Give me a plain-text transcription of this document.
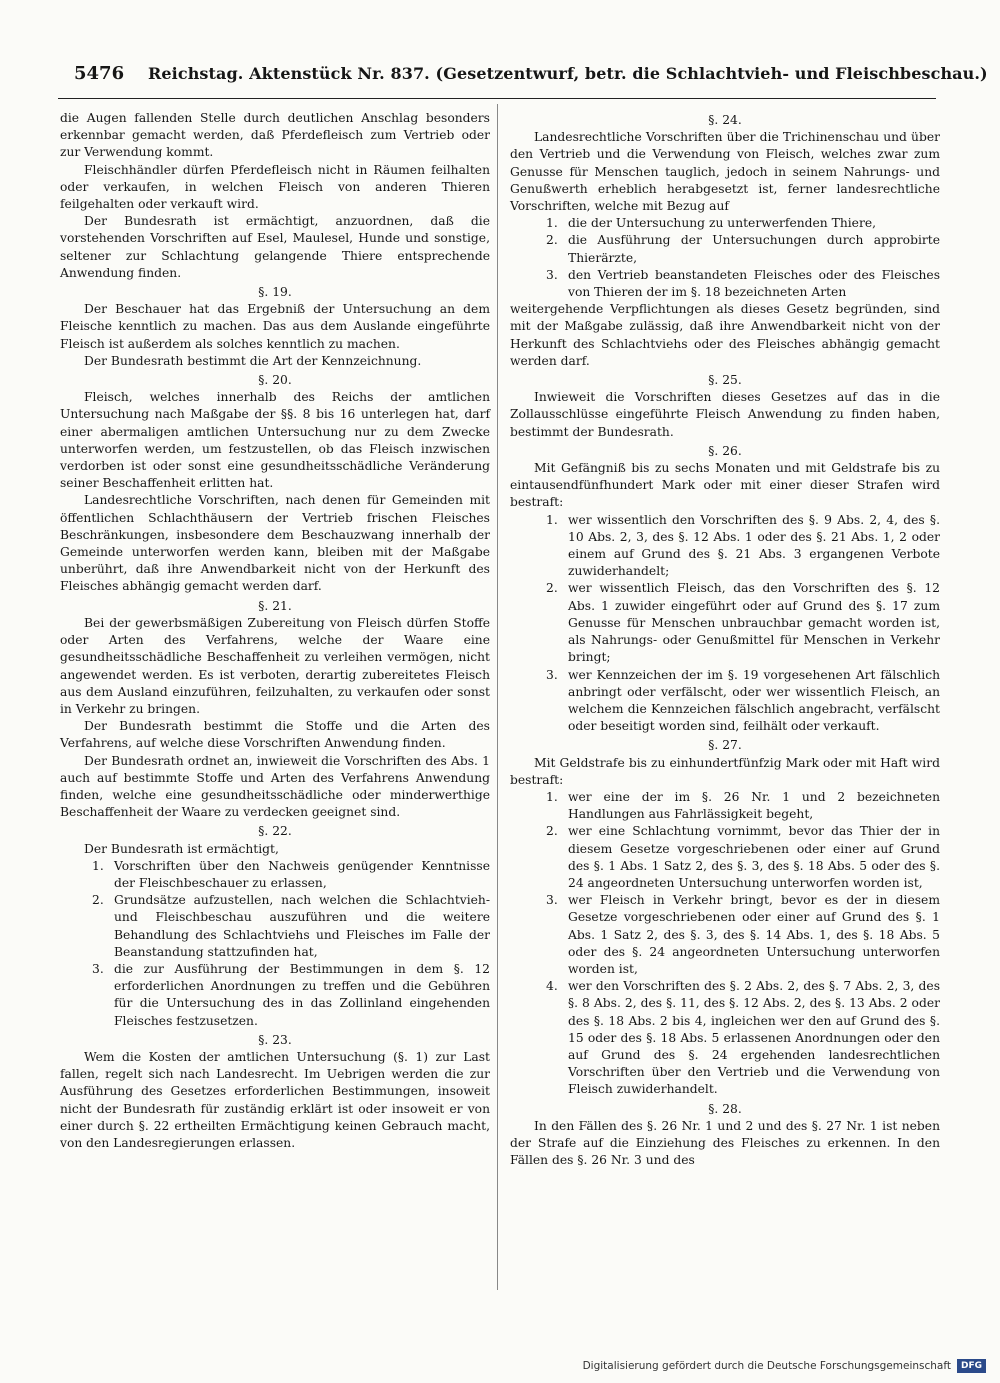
5476 Reichstag. Aktenstück Nr. 837. (Gesetzentwurf, betr. die Schlachtvieh- und Fleischbeschau.)

die Augen fallenden Stelle durch deutlichen Anschlag besonders erkennbar gemacht werden, daß Pferdefleisch zum Vertrieb oder zur Verwendung kommt.

Fleischhändler dürfen Pferdefleisch nicht in Räumen feilhalten oder verkaufen, in welchen Fleisch von anderen Thieren feilgehalten oder verkauft wird.

Der Bundesrath ist ermächtigt, anzuordnen, daß die vorstehenden Vorschriften auf Esel, Maulesel, Hunde und sonstige, seltener zur Schlachtung gelangende Thiere entsprechende Anwendung finden.

§. 19.

Der Beschauer hat das Ergebniß der Untersuchung an dem Fleische kenntlich zu machen. Das aus dem Auslande eingeführte Fleisch ist außerdem als solches kenntlich zu machen.

Der Bundesrath bestimmt die Art der Kennzeichnung.

§. 20.

Fleisch, welches innerhalb des Reichs der amtlichen Untersuchung nach Maßgabe der §§. 8 bis 16 unterlegen hat, darf einer abermaligen amtlichen Untersuchung nur zu dem Zwecke unterworfen werden, um festzustellen, ob das Fleisch inzwischen verdorben ist oder sonst eine gesundheitsschädliche Veränderung seiner Beschaffenheit erlitten hat.

Landesrechtliche Vorschriften, nach denen für Gemeinden mit öffentlichen Schlachthäusern der Vertrieb frischen Fleisches Beschränkungen, insbesondere dem Beschauzwang innerhalb der Gemeinde unterworfen werden kann, bleiben mit der Maßgabe unberührt, daß ihre Anwendbarkeit nicht von der Herkunft des Fleisches abhängig gemacht werden darf.

§. 21.

Bei der gewerbsmäßigen Zubereitung von Fleisch dürfen Stoffe oder Arten des Verfahrens, welche der Waare eine gesundheitsschädliche Beschaffenheit zu verleihen vermögen, nicht angewendet werden. Es ist verboten, derartig zubereitetes Fleisch aus dem Ausland einzuführen, feilzuhalten, zu verkaufen oder sonst in Verkehr zu bringen.

Der Bundesrath bestimmt die Stoffe und die Arten des Verfahrens, auf welche diese Vorschriften Anwendung finden.

Der Bundesrath ordnet an, inwieweit die Vorschriften des Abs. 1 auch auf bestimmte Stoffe und Arten des Verfahrens Anwendung finden, welche eine gesundheitsschädliche oder minderwerthige Beschaffenheit der Waare zu verdecken geeignet sind.

§. 22.

Der Bundesrath ist ermächtigt,

1. Vorschriften über den Nachweis genügender Kenntnisse der Fleischbeschauer zu erlassen,
2. Grundsätze aufzustellen, nach welchen die Schlachtvieh- und Fleischbeschau auszuführen und die weitere Behandlung des Schlachtviehs und Fleisches im Falle der Beanstandung stattzufinden hat,
3. die zur Ausführung der Bestimmungen in dem §. 12 erforderlichen Anordnungen zu treffen und die Gebühren für die Untersuchung des in das Zollinland eingehenden Fleisches festzusetzen.
§. 23.

Wem die Kosten der amtlichen Untersuchung (§. 1) zur Last fallen, regelt sich nach Landesrecht. Im Uebrigen werden die zur Ausführung des Gesetzes erforderlichen Bestimmungen, insoweit nicht der Bundesrath für zuständig erklärt ist oder insoweit er von einer durch §. 22 ertheilten Ermächtigung keinen Gebrauch macht, von den Landesregierungen erlassen.

§. 24.

Landesrechtliche Vorschriften über die Trichinenschau und über den Vertrieb und die Verwendung von Fleisch, welches zwar zum Genusse für Menschen tauglich, jedoch in seinem Nahrungs- und Genußwerth erheblich herabgesetzt ist, ferner landesrechtliche Vorschriften, welche mit Bezug auf

1. die der Untersuchung zu unterwerfenden Thiere,
2. die Ausführung der Untersuchungen durch approbirte Thierärzte,
3. den Vertrieb beanstandeten Fleisches oder des Fleisches von Thieren der im §. 18 bezeichneten Arten

weitergehende Verpflichtungen als dieses Gesetz begründen, sind mit der Maßgabe zulässig, daß ihre Anwendbarkeit nicht von der Herkunft des Schlachtviehs oder des Fleisches abhängig gemacht werden darf.

§. 25.

Inwieweit die Vorschriften dieses Gesetzes auf das in die Zollausschlüsse eingeführte Fleisch Anwendung zu finden haben, bestimmt der Bundesrath.

§. 26.

Mit Gefängniß bis zu sechs Monaten und mit Geldstrafe bis zu eintausendfünfhundert Mark oder mit einer dieser Strafen wird bestraft:

1. wer wissentlich den Vorschriften des §. 9 Abs. 2, 4, des §. 10 Abs. 2, 3, des §. 12 Abs. 1 oder des §. 21 Abs. 1, 2 oder einem auf Grund des §. 21 Abs. 3 ergangenen Verbote zuwiderhandelt;
2. wer wissentlich Fleisch, das den Vorschriften des §. 12 Abs. 1 zuwider eingeführt oder auf Grund des §. 17 zum Genusse für Menschen unbrauchbar gemacht worden ist, als Nahrungs- oder Genußmittel für Menschen in Verkehr bringt;
3. wer Kennzeichen der im §. 19 vorgesehenen Art fälschlich anbringt oder verfälscht, oder wer wissentlich Fleisch, an welchem die Kennzeichen fälschlich angebracht, verfälscht oder beseitigt worden sind, feilhält oder verkauft.
§. 27.

Mit Geldstrafe bis zu einhundertfünfzig Mark oder mit Haft wird bestraft:

1. wer eine der im §. 26 Nr. 1 und 2 bezeichneten Handlungen aus Fahrlässigkeit begeht,
2. wer eine Schlachtung vornimmt, bevor das Thier der in diesem Gesetze vorgeschriebenen oder einer auf Grund des §. 1 Abs. 1 Satz 2, des §. 3, des §. 18 Abs. 5 oder des §. 24 angeordneten Untersuchung unterworfen worden ist,
3. wer Fleisch in Verkehr bringt, bevor es der in diesem Gesetze vorgeschriebenen oder einer auf Grund des §. 1 Abs. 1 Satz 2, des §. 3, des §. 14 Abs. 1, des §. 18 Abs. 5 oder des §. 24 angeordneten Untersuchung unterworfen worden ist,
4. wer den Vorschriften des §. 2 Abs. 2, des §. 7 Abs. 2, 3, des §. 8 Abs. 2, des §. 11, des §. 12 Abs. 2, des §. 13 Abs. 2 oder des §. 18 Abs. 2 bis 4, ingleichen wer den auf Grund des §. 15 oder des §. 18 Abs. 5 erlassenen Anordnungen oder den auf Grund des §. 24 ergehenden landesrechtlichen Vorschriften über den Vertrieb und die Verwendung von Fleisch zuwiderhandelt.
§. 28.

In den Fällen des §. 26 Nr. 1 und 2 und des §. 27 Nr. 1 ist neben der Strafe auf die Einziehung des Fleisches zu erkennen. In den Fällen des §. 26 Nr. 3 und des

Digitalisierung gefördert durch die Deutsche Forschungsgemeinschaft	DFG
